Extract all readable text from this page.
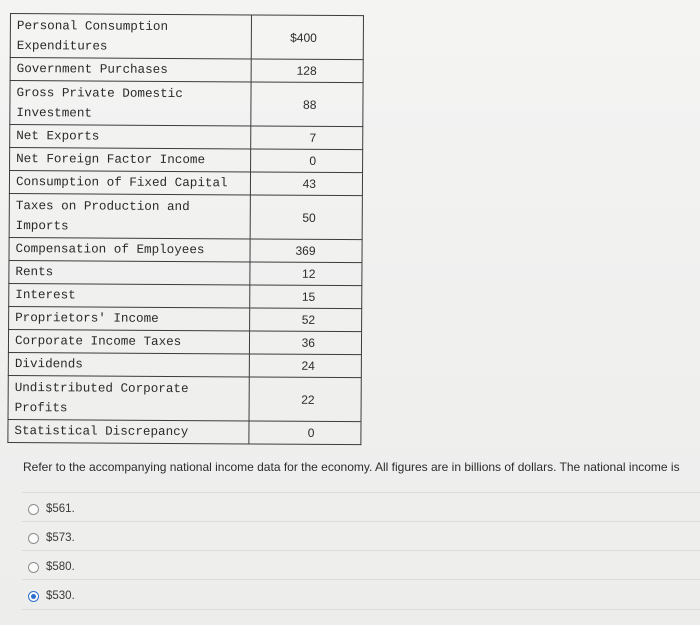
Personal Consumption Expenditures	$400
Government Purchases	128
Gross Private Domestic Investment	88
Net Exports	7
Net Foreign Factor Income	0
Consumption of Fixed Capital	43
Taxes on Production and Imports	50
Compensation of Employees	369
Rents	12
Interest	15
Proprietors' Income	52
Corporate Income Taxes	36
Dividends	24
Undistributed Corporate Profits	22
Statistical Discrepancy	0
Refer to the accompanying national income data for the economy. All figures are in billions of dollars. The national income is
$561.
$573.
$580.
$530.
